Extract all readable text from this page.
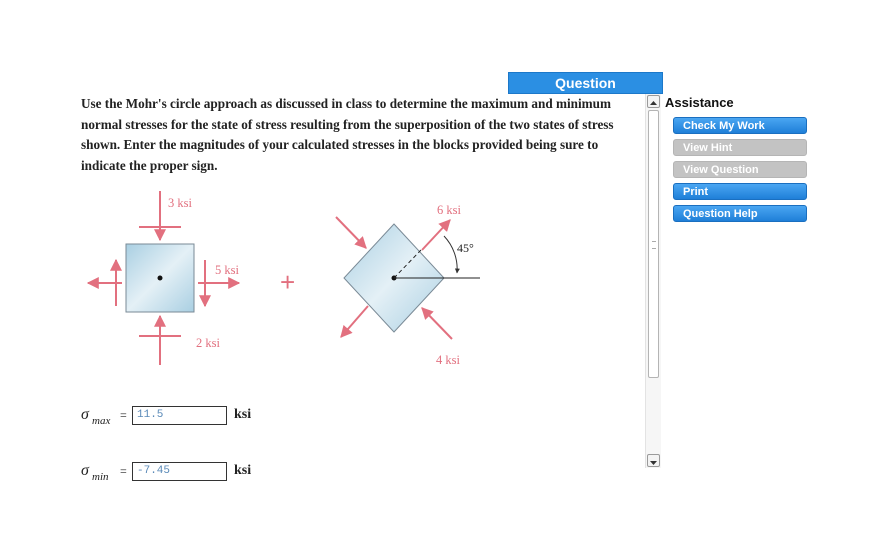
Question
Use the Mohr's circle approach as discussed in class to determine the maximum and minimum normal stresses for the state of stress resulting from the superposition of the two states of stress shown. Enter the magnitudes of your calculated stresses in the blocks provided being sure to indicate the proper sign.
3 ksi
5 ksi
2 ksi
+
45°
6 ksi
4 ksi
σ max = 11.5	ksi
σ min = -7.45	ksi
Assistance
Check My Work
View Hint
View Question
Print
Question Help
